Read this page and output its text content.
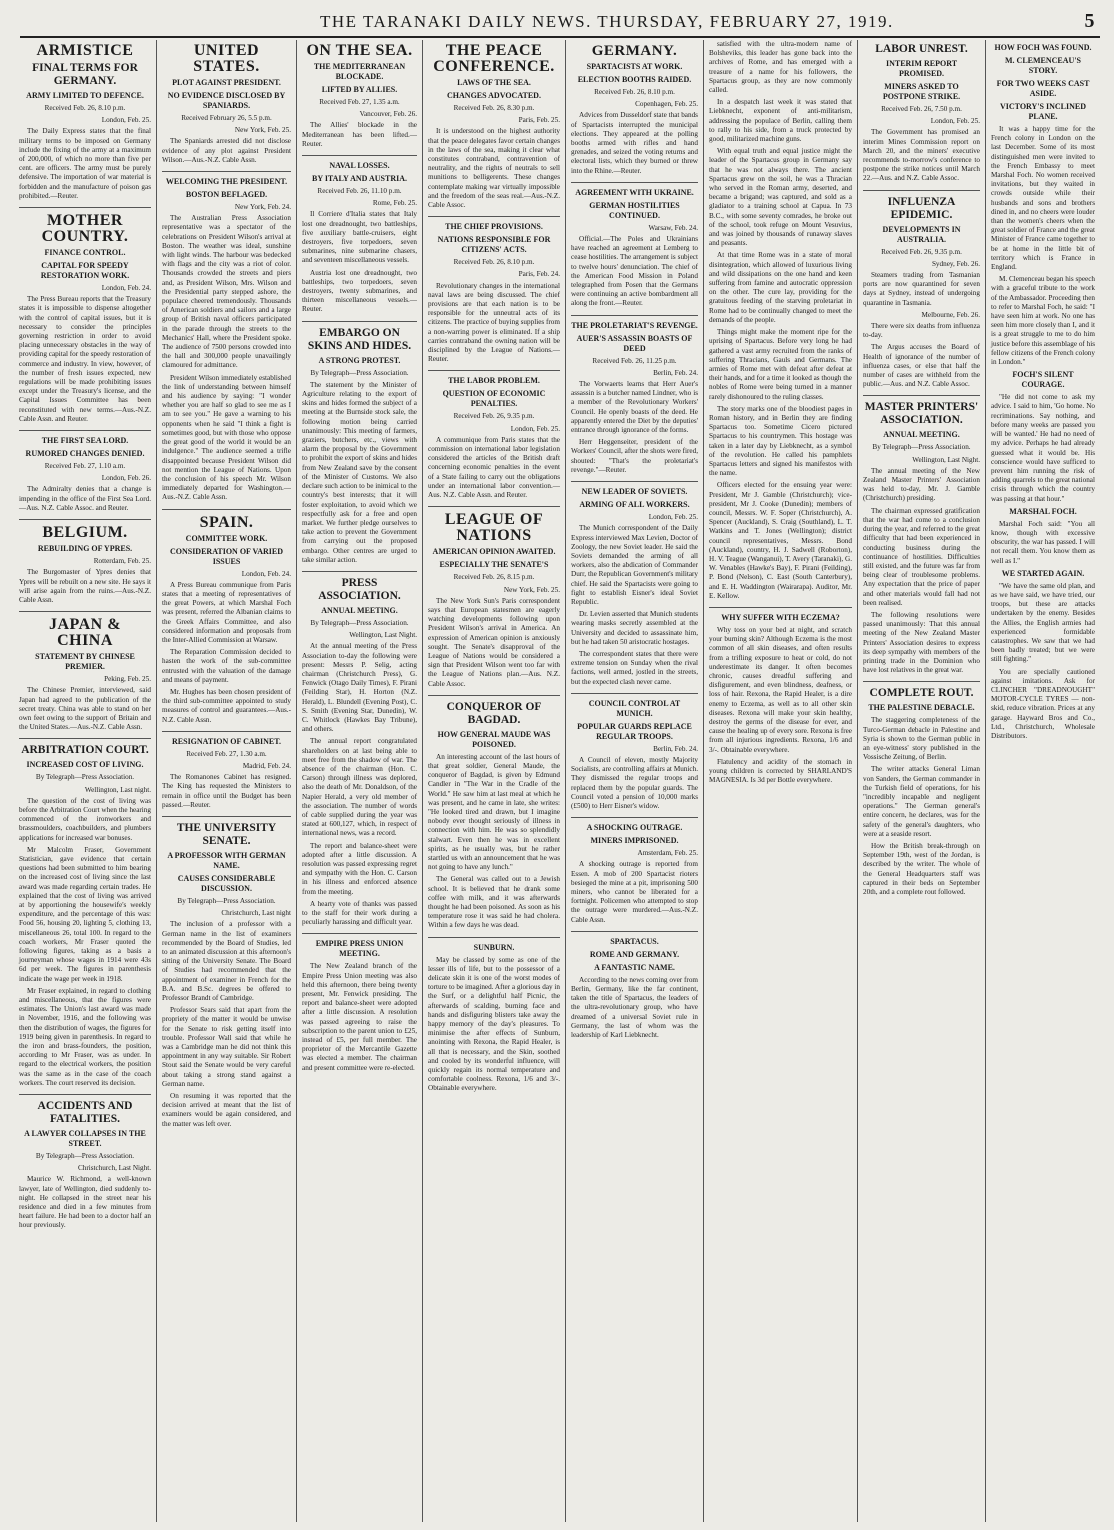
THE TARANAKI DAILY NEWS. THURSDAY, FEBRUARY 27, 1919.	5
ARMISTICE
FINAL TERMS FOR GERMANY.
ARMY LIMITED TO DEFENCE.
Received Feb. 26, 8.10 p.m.
London, Feb. 25.

The Daily Express states that the final military terms to be imposed on Germany include the fixing of the army at a maximum of 200,000, of which no more than five per cent. are officers. The army must be purely defensive. The importation of war material is forbidden and the manufacture of poison gas prohibited.—Reuter.

MOTHER COUNTRY.
FINANCE CONTROL.
CAPITAL FOR SPEEDY RESTORATION WORK.
London, Feb. 24.

The Press Bureau reports that the Treasury states it is impossible to dispense altogether with the control of capital issues, but it is necessary to consider the principles governing restriction in order to avoid placing unnecessary obstacles in the way of providing capital for the speedy restoration of commerce and industry. In view, however, of the number of fresh issues expected, new regulations will be made prohibiting issues except under the Treasury's license, and the Capital Issues Committee has been reconstituted with new terms.—Aus.-N.Z. Cable Assn. and Reuter.

THE FIRST SEA LORD.
RUMORED CHANGES DENIED.
Received Feb. 27, 1.10 a.m.
London, Feb. 26.

The Admiralty denies that a change is impending in the office of the First Sea Lord.—Aus. N.Z. Cable Assoc. and Reuter.

BELGIUM.
REBUILDING OF YPRES.
Rotterdam, Feb. 25.

The Burgomaster of Ypres denies that Ypres will be rebuilt on a new site. He says it will arise again from the ruins.—Aus.-N.Z. Cable Assn.

JAPAN & CHINA
STATEMENT BY CHINESE PREMIER.
Peking, Feb. 25.

The Chinese Premier, interviewed, said Japan had agreed to the publication of the secret treaty. China was able to stand on her own feet owing to the support of Britain and the United States.—Aus.-N.Z. Cable Assn.

ARBITRATION COURT.
INCREASED COST OF LIVING.
By Telegraph—Press Association.
Wellington, Last night.

The question of the cost of living was before the Arbitration Court when the hearing commenced of the ironworkers and brassmoulders, coachbuilders, and plumbers applications for increased war bonuses.

Mr Malcolm Fraser, Government Statistician, gave evidence that certain questions had been submitted to him bearing on the increased cost of living since the last award was made regarding certain trades. He explained that the cost of living was arrived at by apportioning the housewife's weekly expenditure, and the percentage of this was: Food 56, housing 20, lighting 5, clothing 13, miscellaneous 26, total 100. In regard to the coach workers, Mr Fraser quoted the following figures, taking as a basis a journeyman whose wages in 1914 were 43s 6d per week. The figures in parenthesis indicate the wage per week in 1918.

Mr Fraser explained, in regard to clothing and miscellaneous, that the figures were estimates. The Union's last award was made in November, 1916, and the following was then the distribution of wages, the figures for 1919 being given in parenthesis. In regard to the iron and brass-founders, the position, according to Mr Fraser, was as under. In regard to the electrical workers, the position was the same as in the case of the coach workers. The court reserved its decision.

ACCIDENTS AND FATALITIES.
A LAWYER COLLAPSES IN THE STREET.
By Telegraph—Press Association.
Christchurch, Last Night.

Maurice W. Richmond, a well-known lawyer, late of Wellington, died suddenly to-night. He collapsed in the street near his residence and died in a few minutes from heart failure. He had been to a doctor half an hour previously.

UNITED STATES.
PLOT AGAINST PRESIDENT.
NO EVIDENCE DISCLOSED BY SPANIARDS.
Received February 26, 5.5 p.m.
New York, Feb. 25.

The Spaniards arrested did not disclose evidence of any plot against President Wilson.—Aus.-N.Z. Cable Assn.

WELCOMING THE PRESIDENT.
BOSTON BEFLAGED.
New York, Feb. 24.

The Australian Press Association representative was a spectator of the celebrations on President Wilson's arrival at Boston. The weather was ideal, sunshine with light winds. The harbour was bedecked with flags and the city was a riot of color. Thousands crowded the streets and piers and, as President Wilson, Mrs. Wilson and the Presidential party stepped ashore, the populace cheered tremendously. Thousands of American soldiers and sailors and a large group of British naval officers participated in the parade through the streets to the Mechanics' Hall, where the President spoke. The audience of 7500 persons crowded into the hall and 300,000 people unavailingly clamoured for admittance.

President Wilson immediately established the link of understanding between himself and his audience by saying: "I wonder whether you are half so glad to see me as I am to see you." He gave a warning to his opponents when he said "I think a fight is sometimes good, but with those who oppose the great good of the world it would be an indulgence." The audience seemed a trifle disappointed because President Wilson did not mention the League of Nations. Upon the conclusion of his speech Mr. Wilson immediately departed for Washington.—Aus.-N.Z. Cable Assn.

SPAIN.
COMMITTEE WORK.
CONSIDERATION OF VARIED ISSUES
London, Feb. 24.

A Press Bureau communique from Paris states that a meeting of representatives of the great Powers, at which Marshal Foch was present, referred the Albanian claims to the Greek Affairs Committee, and also considered information and proposals from the Inter-Allied Commission at Warsaw.

The Reparation Commission decided to hasten the work of the sub-committee entrusted with the valuation of the damage and means of payment.

Mr. Hughes has been chosen president of the third sub-committee appointed to study measures of control and guarantees.—Aus.-N.Z. Cable Assn.

RESIGNATION OF CABINET.
Received Feb. 27, 1.30 a.m.
Madrid, Feb. 24.

The Romanones Cabinet has resigned. The King has requested the Ministers to remain in office until the Budget has been passed.—Reuter.

THE UNIVERSITY SENATE.
A PROFESSOR WITH GERMAN NAME.
CAUSES CONSIDERABLE DISCUSSION.
By Telegraph—Press Association.
Christchurch, Last night

The inclusion of a professor with a German name in the list of examiners recommended by the Board of Studies, led to an animated discussion at this afternoon's sitting of the University Senate. The Board of Studies had recommended that the appointment of examiner in French for the B.A. and B.Sc. degrees be offered to Professor Brandt of Cambridge.

Professor Sears said that apart from the propriety of the matter it would be unwise for the Senate to risk getting itself into trouble. Professor Wall said that while he was a Cambridge man he did not think this appointment in any way suitable. Sir Robert Stout said the Senate would be very careful about taking a strong stand against a German name.

On resuming it was reported that the decision arrived at meant that the list of examiners would be again considered, and the matter was left over.

ON THE SEA.
THE MEDITERRANEAN BLOCKADE.
LIFTED BY ALLIES.
Received Feb. 27, 1.35 a.m.
Vancouver, Feb. 26.

The Allies' blockade in the Mediterranean has been lifted.—Reuter.

NAVAL LOSSES.
BY ITALY AND AUSTRIA.
Received Feb. 26, 11.10 p.m.
Rome, Feb. 25.

Il Corriere d'Italia states that Italy lost one dreadnought, two battleships, five auxiliary battle-cruisers, eight destroyers, five torpedoers, seven submarines, nine submarine chasers, and seventeen miscellaneous vessels.

Austria lost one dreadnought, two battleships, two torpedoers, seven destroyers, twenty submarines, and thirteen miscellaneous vessels.—Reuter.

EMBARGO ON SKINS AND HIDES.
A STRONG PROTEST.
By Telegraph—Press Association.

The statement by the Minister of Agriculture relating to the export of skins and hides formed the subject of a meeting at the Burnside stock sale, the following motion being carried unanimously: This meeting of farmers, graziers, butchers, etc., views with alarm the proposal by the Government to prohibit the export of skins and hides from New Zealand save by the consent of the Minister of Customs. We also declare such action to be inimical to the country's best interests; that it will foster exploitation, to avoid which we respectfully ask for a free and open market. We further pledge ourselves to take action to prevent the Government from carrying out the proposed embargo. Other centres are urged to take similar action.

PRESS ASSOCIATION.
ANNUAL MEETING.
By Telegraph—Press Association.
Wellington, Last Night.

At the annual meeting of the Press Association to-day the following were present: Messrs P. Selig, acting chairman (Christchurch Press), G. Fenwick (Otago Daily Times), F. Pirani (Feilding Star), H. Horton (N.Z. Herald), L. Blundell (Evening Post), C. S. Smith (Evening Star, Dunedin), W. C. Whitlock (Hawkes Bay Tribune), and others.

The annual report congratulated shareholders on at last being able to meet free from the shadow of war. The absence of the chairman (Hon. C. Carson) through illness was deplored, also the death of Mr. Donaldson, of the Napier Herald, a very old member of the association. The number of words of cable supplied during the year was stated at 600,127, which, in respect of international news, was a record.

The report and balance-sheet were adopted after a little discussion. A resolution was passed expressing regret and sympathy with the Hon. C. Carson in his illness and enforced absence from the meeting.

A hearty vote of thanks was passed to the staff for their work during a peculiarly harassing and difficult year.

EMPIRE PRESS UNION MEETING.

The New Zealand branch of the Empire Press Union meeting was also held this afternoon, there being twenty present, Mr. Fenwick presiding. The report and balance-sheet were adopted after a little discussion. A resolution was passed agreeing to raise the subscription to the parent union to £25, instead of £5, per full member. The proprietor of the Mercantile Gazette was elected a member. The chairman and present committee were re-elected.

THE PEACE CONFERENCE.
LAWS OF THE SEA.
CHANGES ADVOCATED.
Received Feb. 26, 8.30 p.m.
Paris, Feb. 25.

It is understood on the highest authority that the peace delegates favor certain changes in the laws of the sea, making it clear what constitutes contraband, contravention of neutrality, and the rights of neutrals to sell munitions to belligerents. These changes contemplate making war virtually impossible and the freedom of the seas real.—Aus.-N.Z. Cable Assoc.

THE CHIEF PROVISIONS.
NATIONS RESPONSIBLE FOR CITIZENS' ACTS.
Received Feb. 26, 8.10 p.m.
Paris, Feb. 24.

Revolutionary changes in the international naval laws are being discussed. The chief provisions are that each nation is to be responsible for the unneutral acts of its citizens. The practice of buying supplies from a non-warring power is eliminated. If a ship carries contraband the owning nation will be disciplined by the League of Nations.—Reuter.

THE LABOR PROBLEM.
QUESTION OF ECONOMIC PENALTIES.
Received Feb. 26, 9.35 p.m.
London, Feb. 25.

A communique from Paris states that the commission on international labor legislation considered the articles of the British draft concerning economic penalties in the event of a State failing to carry out the obligations under an international labor convention.—Aus. N.Z. Cable Assn. and Reuter.

LEAGUE OF NATIONS
AMERICAN OPINION AWAITED.
ESPECIALLY THE SENATE'S
Received Feb. 26, 8.15 p.m.
New York, Feb. 25.

The New York Sun's Paris correspondent says that European statesmen are eagerly watching developments following upon President Wilson's arrival in America. An expression of American opinion is anxiously sought. The Senate's disapproval of the League of Nations would be considered a sign that President Wilson went too far with the League of Nations plan.—Aus. N.Z. Cable Assoc.

CONQUEROR OF BAGDAD.
HOW GENERAL MAUDE WAS POISONED.

An interesting account of the last hours of that great soldier, General Maude, the conqueror of Bagdad, is given by Edmund Candler in "The War in the Cradle of the World." He saw him at last meal at which he was present, and he came in late, she writes: "He looked tired and drawn, but I imagine nobody ever thought seriously of illness in connection with him. He was so splendidly stalwart. Even then he was in excellent spirits, as he usually was, but he rather startled us with an announcement that he was not going to have any lunch."

The General was called out to a Jewish school. It is believed that he drank some coffee with milk, and it was afterwards thought he had been poisoned. As soon as his temperature rose it was said he had cholera. Within a few days he was dead.

SUNBURN.

May be classed by some as one of the lesser ills of life, but to the possessor of a delicate skin it is one of the worst modes of torture to be imagined. After a glorious day in the Surf, or a delightful half Picnic, the afterwards of scalding, burning face and hands and disfiguring blisters take away the happy memory of the day's pleasures. To minimise the after effects of Sunburn, anointing with Rexona, the Rapid Healer, is all that is necessary, and the Skin, soothed and cooled by its wonderful influence, will quickly regain its normal temperature and comfortable coolness. Rexona, 1/6 and 3/-. Obtainable everywhere.

GERMANY.
SPARTACISTS AT WORK.
ELECTION BOOTHS RAIDED.
Received Feb. 26, 8.10 p.m.
Copenhagen, Feb. 25.

Advices from Dusseldorf state that bands of Spartacists interrupted the municipal elections. They appeared at the polling booths armed with rifles and hand grenades, and seized the voting returns and electoral lists, which they burned or threw into the Rhine.—Reuter.

AGREEMENT WITH UKRAINE.
GERMAN HOSTILITIES CONTINUED.
Warsaw, Feb. 24.

Official.—The Poles and Ukrainians have reached an agreement at Lemberg to cease hostilities. The arrangement is subject to twelve hours' denunciation. The chief of the American Food Mission in Poland telegraphed from Posen that the Germans were continuing an active bombardment all along the front.—Reuter.

THE PROLETARIAT'S REVENGE.
AUER'S ASSASSIN BOASTS OF DEED
Received Feb. 26, 11.25 p.m.
Berlin, Feb. 24.

The Vorwaerts learns that Herr Auer's assassin is a butcher named Lindner, who is a member of the Revolutionary Workers' Council. He openly boasts of the deed. He apparently entered the Diet by the deputies' entrance through ignorance of the forms.

Herr Heggenseiter, president of the Workers' Council, after the shots were fired, shouted: "That's the proletariat's revenge."—Reuter.

NEW LEADER OF SOVIETS.
ARMING OF ALL WORKERS.
London, Feb. 25.

The Munich correspondent of the Daily Express interviewed Max Levien, Doctor of Zoology, the new Soviet leader. He said the Soviets demanded the arming of all workers, also the abdication of Commander Durr, the Republican Government's military chief. He said the Spartacists were going to fight to establish Eisner's ideal Soviet Republic.

Dr. Levien asserted that Munich students wearing masks secretly assembled at the University and decided to assassinate him, but he had taken 50 aristocratic hostages.

The correspondent states that there were extreme tension on Sunday when the rival factions, well armed, jostled in the streets, but the expected clash never came.

COUNCIL CONTROL AT MUNICH.
POPULAR GUARDS REPLACE REGULAR TROOPS.
Berlin, Feb. 24.

A Council of eleven, mostly Majority Socialists, are controlling affairs at Munich. They dismissed the regular troops and replaced them by the popular guards. The Council voted a pension of 10,000 marks (£500) to Herr Eisner's widow.

A SHOCKING OUTRAGE.
MINERS IMPRISONED.
Amsterdam, Feb. 25.

A shocking outrage is reported from Essen. A mob of 200 Spartacist rioters besieged the mine at a pit, imprisoning 500 miners, who cannot be liberated for a fortnight. Policemen who attempted to stop the outrage were murdered.—Aus.-N.Z. Cable Assn.

SPARTACUS.
ROME AND GERMANY.
A FANTASTIC NAME.

According to the news coming over from Berlin, Germany, like the far continent, taken the title of Spartacus, the leaders of the ultra-revolutionary group, who have dreamed of a universal Soviet rule in Germany, the last of whom was the leadership of Karl Liebknecht.

satisfied with the ultra-modern name of Bolsheviks, this leader has gone back into the archives of Rome, and has emerged with a treasure of a name for his followers, the Spartacus group, as they are now commonly called.

In a despatch last week it was stated that Liebknecht, exponent of anti-militarism, addressing the populace of Berlin, calling them to rally to his side, from a truck protected by good, militarized machine guns.

With equal truth and equal justice might the leader of the Spartacus group in Germany say that he was not always there. The ancient Spartacus grew on the soil, he was a Thracian who served in the Roman army, deserted, and became a brigand; was captured, and sold as a gladiator to a training school at Capua. In 73 B.C., with some seventy comrades, he broke out of the school, took refuge on Mount Vesuvius, and was joined by thousands of runaway slaves and peasants.

At that time Rome was in a state of moral disintegration, which allowed of luxurious living and wild dissipations on the one hand and keen suffering from famine and autocratic oppression on the other. The cure lay, providing for the gratuitous feeding of the starving proletariat in Rome had to be continually changed to meet the demands of the people.

Things might make the moment ripe for the uprising of Spartacus. Before very long he had gathered a vast army recruited from the ranks of suffering Thracians, Gauls and Germans. The armies of Rome met with defeat after defeat at their hands, and for a time it looked as though the nobles of Rome were being turned in a manner rarely dishonoured to the ruling classes.

The story marks one of the bloodiest pages in Roman history, and in Berlin they are finding Spartacus too. Sometime Cicero pictured Spartacus to his countrymen. This hostage was taken in a later day by Liebknecht, as a symbol of the revolution. He called his pamphlets Spartacus letters and signed his manifestos with the name.

Officers elected for the ensuing year were: President, Mr J. Gamble (Christchurch); vice-president, Mr J. Cooke (Dunedin); members of council, Messrs. W. F. Soper (Christchurch), A. Spencer (Auckland), S. Craig (Southland), L. T. Watkins and T. Jones (Wellington); district council representatives, Messrs. Bond (Auckland), country, H. J. Sadwell (Roborton), H. V. Teague (Wanganui), T. Avery (Taranaki), G. W. Venables (Hawke's Bay), F. Pirani (Feilding), P. Bond (Nelson), C. East (South Canterbury), and E. H. Waddington (Wairarapa). Auditor, Mr. E. Kellow.

WHY SUFFER WITH ECZEMA?

Why toss on your bed at night, and scratch your burning skin? Although Eczema is the most common of all skin diseases, and often results from a trifling exposure to heat or cold, do not underestimate its danger. It often becomes chronic, causes dreadful suffering and disfigurement, and even blindness, deafness, or loss of hair. Rexona, the Rapid Healer, is a dire enemy to Eczema, as well as to all other skin diseases. Rexona will make your skin healthy, destroy the germs of the disease for ever, and cause the healing up of every sore. Rexona is free from all injurious ingredients. Rexona, 1/6 and 3/-. Obtainable everywhere.

Flatulency and acidity of the stomach in young children is corrected by SHARLAND'S MAGNESIA. Is 3d per Bottle everywhere.

LABOR UNREST.
INTERIM REPORT PROMISED.
MINERS ASKED TO POSTPONE STRIKE.
Received Feb. 26, 7.50 p.m.
London, Feb. 25.

The Government has promised an interim Mines Commission report on March 20, and the miners' executive recommends to-morrow's conference to postpone the strike notices until March 22.—Aus. and N.Z. Cable Assoc.

INFLUENZA EPIDEMIC.
DEVELOPMENTS IN AUSTRALIA.
Received Feb. 26, 9.35 p.m.
Sydney, Feb. 26.

Steamers trading from Tasmanian ports are now quarantined for seven days at Sydney, instead of undergoing quarantine in Tasmania.

Melbourne, Feb. 26.

There were six deaths from influenza to-day.

The Argus accuses the Board of Health of ignorance of the number of influenza cases, or else that half the number of cases are withheld from the public.—Aus. and N.Z. Cable Assoc.

MASTER PRINTERS' ASSOCIATION.
ANNUAL MEETING.
By Telegraph—Press Association.
Wellington, Last Night.

The annual meeting of the New Zealand Master Printers' Association was held to-day, Mr. J. Gamble (Christchurch) presiding.

The chairman expressed gratification that the war had come to a conclusion during the year, and referred to the great difficulty that had been experienced in conducting business during the continuance of hostilities. Difficulties still existed, and the future was far from being clear of troublesome problems. Any expectation that the price of paper and other materials would fall had not been realised.

The following resolutions were passed unanimously: That this annual meeting of the New Zealand Master Printers' Association desires to express its deep sympathy with members of the printing trade in the Dominion who have lost relatives in the great war.

COMPLETE ROUT.
THE PALESTINE DEBACLE.

The staggering completeness of the Turco-German debacle in Palestine and Syria is shown to the German public in an eye-witness' story published in the Vossische Zeitung, of Berlin.

The writer attacks General Liman von Sanders, the German commander in the Turkish field of operations, for his "incredibly incapable and negligent operations." The German general's entire concern, he declares, was for the safety of the general's daughters, who were at a seaside resort.

How the British break-through on September 19th, west of the Jordan, is described by the writer. The whole of the General Headquarters staff was captured in their beds on September 20th, and a complete rout followed.

HOW FOCH WAS FOUND.
M. CLEMENCEAU'S STORY.
FOR TWO WEEKS CAST ASIDE.
VICTORY'S INCLINED PLANE.

It was a happy time for the French colony in London on the last December. Some of its most distinguished men were invited to the French Embassy to meet Marshal Foch. No women received invitations, but they waited in crowds outside while their husbands and sons and brothers dined in, and no cheers were louder than the women's cheers when the great soldier of France and the great Minister of France came together to be at home in the little bit of territory which is France in England.

M. Clemenceau began his speech with a graceful tribute to the work of the Ambassador. Proceeding then to refer to Marshal Foch, he said: "I have seen him at work. No one has seen him more closely than I, and it is a great struggle to me to do him justice before this assemblage of his fellow citizens of the French colony in London."

FOCH'S SILENT COURAGE.

"He did not come to ask my advice. I said to him, 'Go home. No recriminations. Say nothing, and before many weeks are passed you will be wanted.' He had no need of my advice. Perhaps he had already guessed what it would be. His conscience would have sufficed to prevent him running the risk of adding quarrels to the great national crisis through which the country was passing at that hour."

MARSHAL FOCH.

Marshal Foch said: "You all know, though with excessive obscurity, the war has passed. I will not recall them. You know them as well as I."

WE STARTED AGAIN.

"We have the same old plan, and as we have said, we have tried, our troops, but these are attacks undertaken by the enemy. Besides the Allies, the English armies had experienced formidable catastrophes. We saw that we had been badly treated; but we were still fighting."

You are specially cautioned against imitations. Ask for CLINCHER "DREADNOUGHT" MOTOR-CYCLE TYRES — non-skid, reduce vibration. Prices at any garage. Hayward Bros and Co., Ltd., Christchurch, Wholesale Distributors.
